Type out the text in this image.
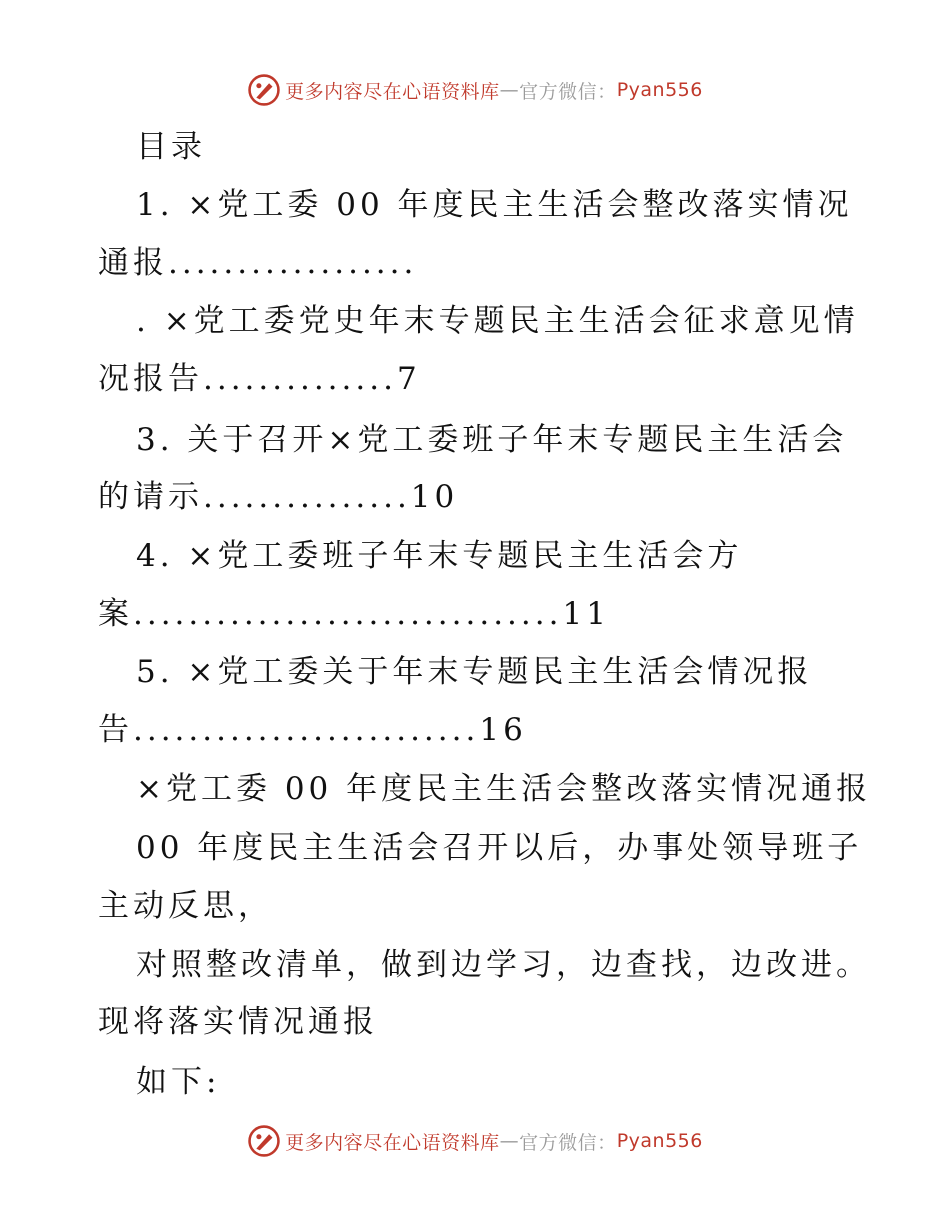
更多内容尽在心语资料库 — 官方微信： Pyan556
目录
1. ×党工委 00 年度民主生活会整改落实情况
通报..................
. ×党工委党史年末专题民主生活会征求意见情
况报告..............7
3. 关于召开×党工委班子年末专题民主生活会
的请示...............10
4. ×党工委班子年末专题民主生活会方
案...............................11
5. ×党工委关于年末专题民主生活会情况报
告.........................16
×党工委 00 年度民主生活会整改落实情况通报
00 年度民主生活会召开以后，办事处领导班子
主动反思，
对照整改清单，做到边学习，边查找，边改进。
现将落实情况通报
如下:
更多内容尽在心语资料库 — 官方微信： Pyan556
